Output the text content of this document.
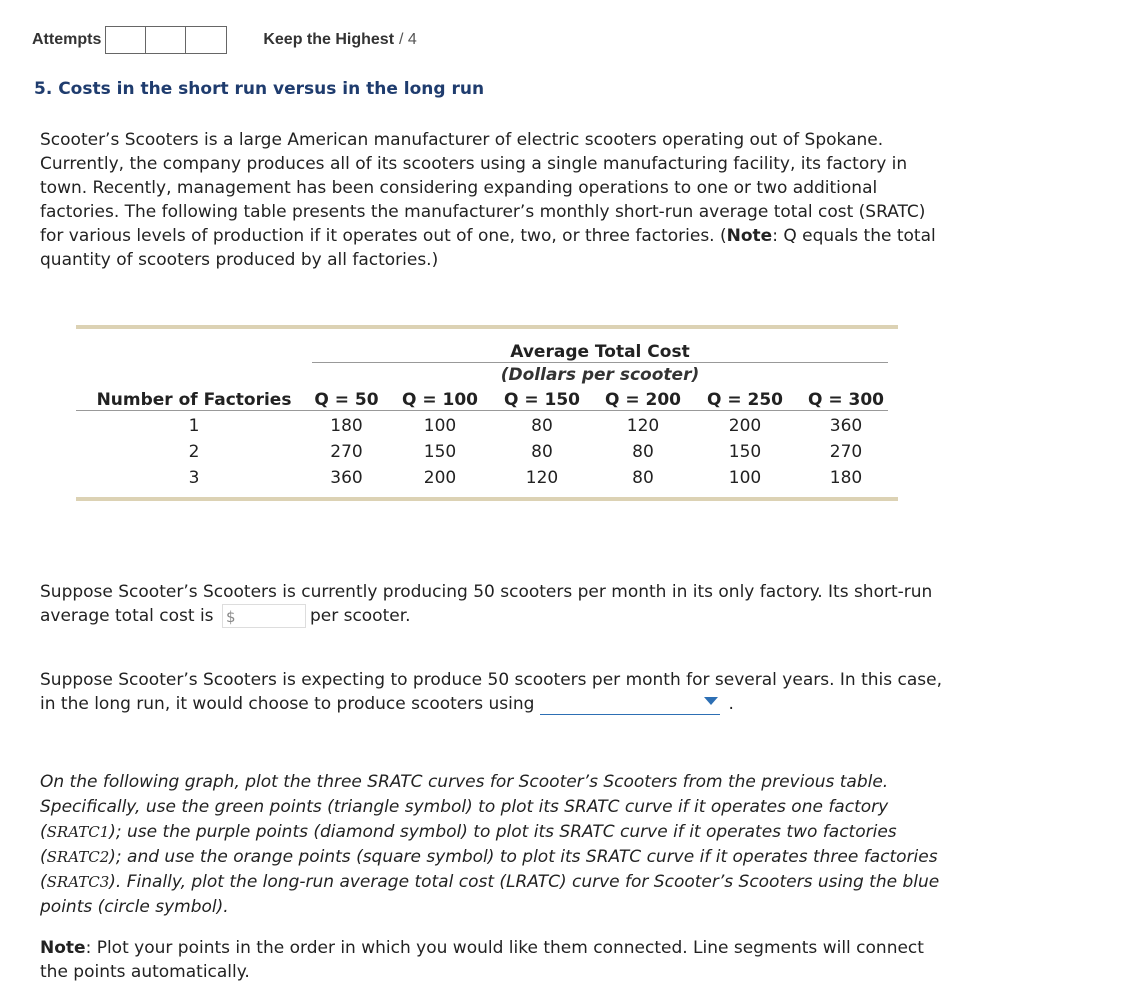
Attempts	Keep the Highest / 4
5. Costs in the short run versus in the long run

Scooter’s Scooters is a large American manufacturer of electric scooters operating out of Spokane. Currently, the company produces all of its scooters using a single manufacturing facility, its factory in town. Recently, management has been considering expanding operations to one or two additional factories. The following table presents the manufacturer’s monthly short-run average total cost (SRATC) for various levels of production if it operates out of one, two, or three factories. (Note: Q equals the total quantity of scooters produced by all factories.)

Average Total Cost
(Dollars per scooter)
Number of Factories	Q = 50	Q = 100	Q = 150	Q = 200	Q = 250	Q = 300
1	180	100	80	120	200	360
2	270	150	80	80	150	270
3	360	200	120	80	100	180

Suppose Scooter’s Scooters is currently producing 50 scooters per month in its only factory. Its short-run average total cost is $	per scooter.

Suppose Scooter’s Scooters is expecting to produce 50 scooters per month for several years. In this case, in the long run, it would choose to produce scooters using	.

On the following graph, plot the three SRATC curves for Scooter’s Scooters from the previous table. Specifically, use the green points (triangle symbol) to plot its SRATC curve if it operates one factory (SRATC1); use the purple points (diamond symbol) to plot its SRATC curve if it operates two factories (SRATC2); and use the orange points (square symbol) to plot its SRATC curve if it operates three factories (SRATC3). Finally, plot the long-run average total cost (LRATC) curve for Scooter’s Scooters using the blue points (circle symbol).

Note: Plot your points in the order in which you would like them connected. Line segments will connect the points automatically.
